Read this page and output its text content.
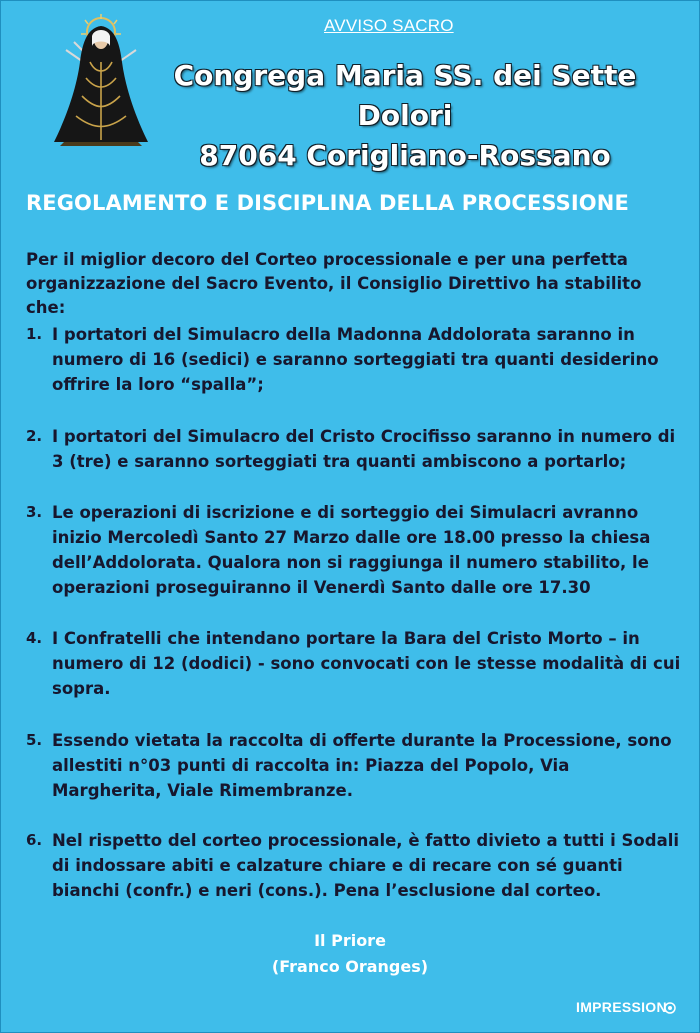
AVVISO SACRO
Congrega Maria SS. dei Sette Dolori
87064 Corigliano-Rossano
REGOLAMENTO E DISCIPLINA DELLA PROCESSIONE
Per il miglior decoro del Corteo processionale e per una perfetta organizzazione del Sacro Evento, il Consiglio Direttivo ha stabilito che:
1. I portatori del Simulacro della Madonna Addolorata saranno in numero di 16 (sedici) e saranno sorteggiati tra quanti desiderino offrire la loro “spalla”;
2. I portatori del Simulacro del Cristo Crocifisso saranno in numero di 3 (tre) e saranno sorteggiati tra quanti ambiscono a portarlo;
3. Le operazioni di iscrizione e di sorteggio dei Simulacri avranno inizio Mercoledì Santo 27 Marzo dalle ore 18.00 presso la chiesa dell’Addolorata. Qualora non si raggiunga il numero stabilito, le operazioni proseguiranno il Venerdì Santo dalle ore 17.30
4. I Confratelli che intendano portare la Bara del Cristo Morto – in numero di 12 (dodici) - sono convocati con le stesse modalità di cui sopra.
5. Essendo vietata la raccolta di offerte durante la Processione, sono allestiti n°03 punti di raccolta in: Piazza del Popolo, Via Margherita, Viale Rimembranze.
6. Nel rispetto del corteo processionale, è fatto divieto a tutti i Sodali di indossare abiti e calzature chiare e di recare con sé guanti bianchi (confr.) e neri (cons.). Pena l’esclusione dal corteo.
Il Priore
(Franco Oranges)
IMPRESSION
